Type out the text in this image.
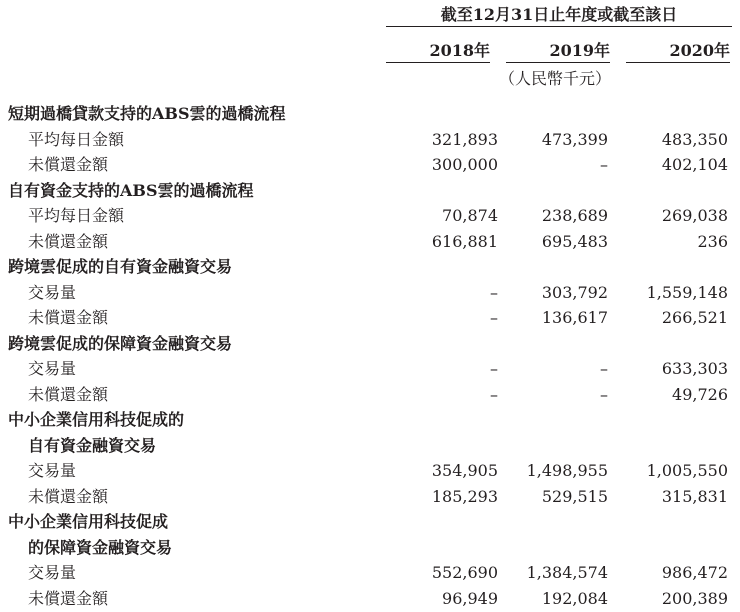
截至12月31日止年度或截至該日
2018年	2019年	2020年
（人民幣千元）
短期過橋貸款支持的ABS雲的過橋流程
平均每日金額	321,893	473,399	483,350
未償還金額	300,000	–	402,104
自有資金支持的ABS雲的過橋流程
平均每日金額	70,874	238,689	269,038
未償還金額	616,881	695,483	236
跨境雲促成的自有資金融資交易
交易量	–	303,792	1,559,148
未償還金額	–	136,617	266,521
跨境雲促成的保障資金融資交易
交易量	–	–	633,303
未償還金額	–	–	49,726
中小企業信用科技促成的
自有資金融資交易
交易量	354,905	1,498,955	1,005,550
未償還金額	185,293	529,515	315,831
中小企業信用科技促成
的保障資金融資交易
交易量	552,690	1,384,574	986,472
未償還金額	96,949	192,084	200,389
